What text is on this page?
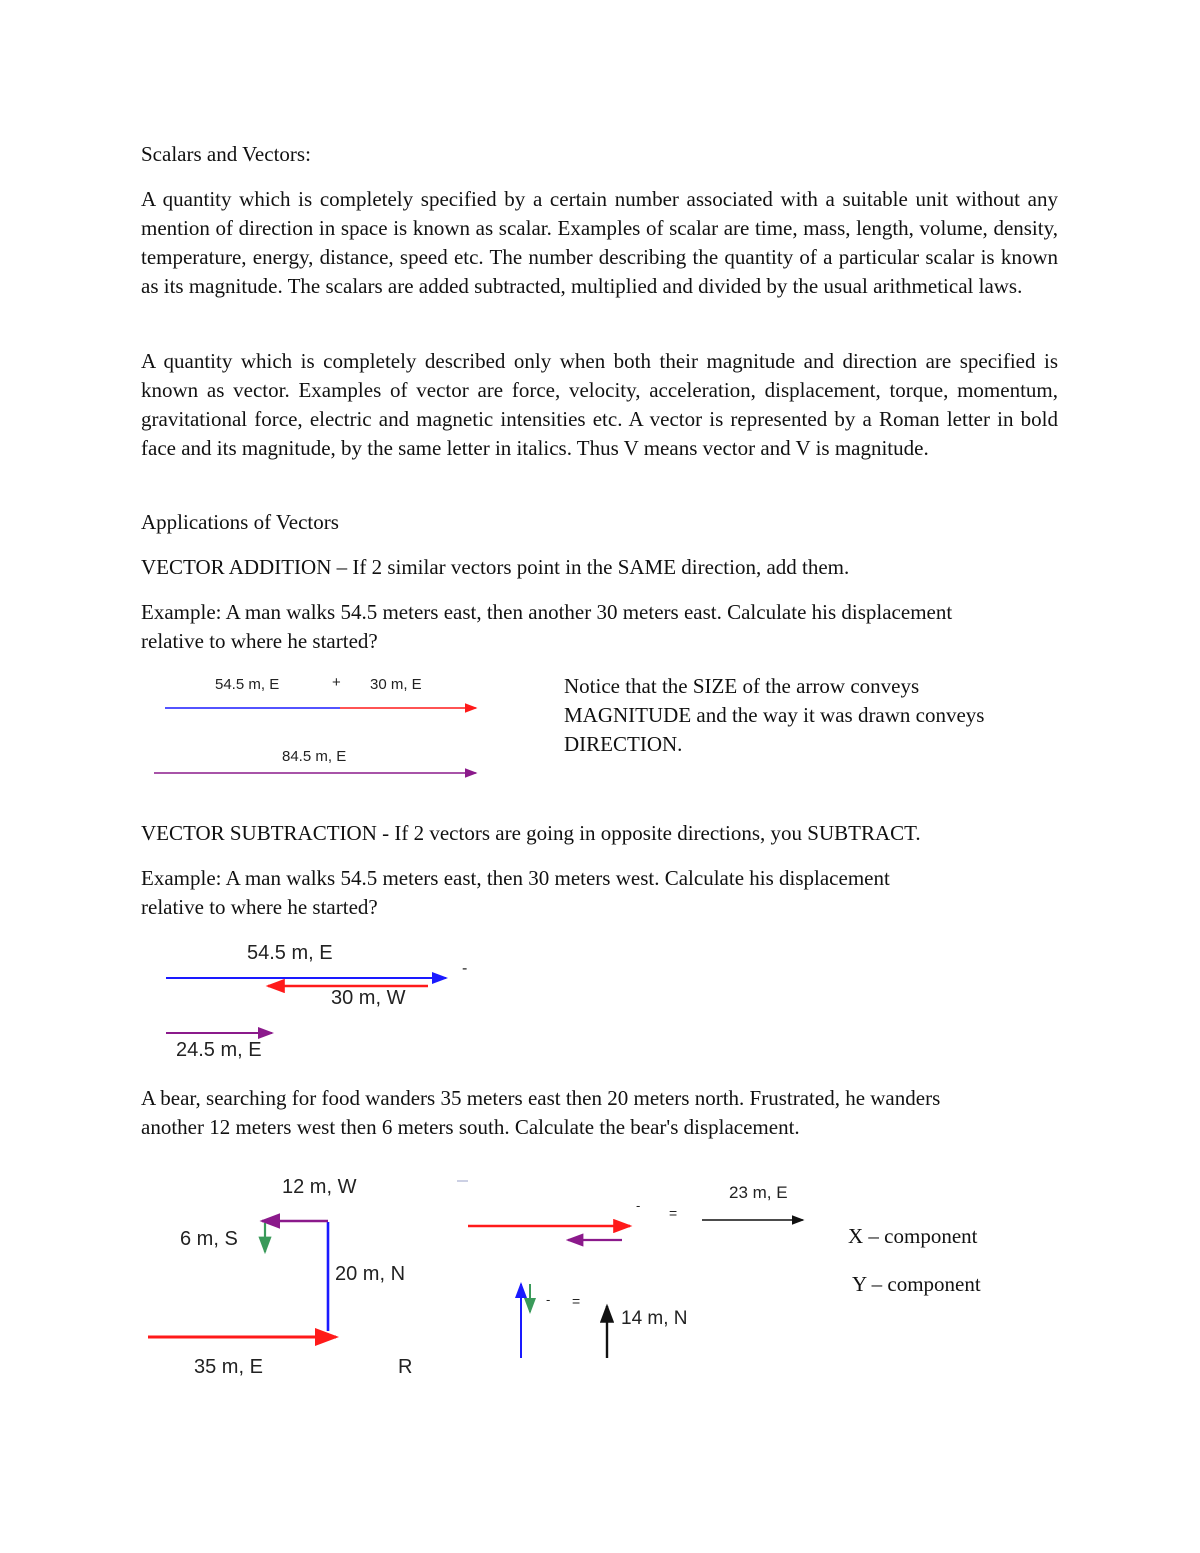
Scalars and Vectors:

A quantity which is completely specified by a certain number associated with a suitable unit without any mention of direction in space is known as scalar. Examples of scalar are time, mass, length, volume, density, temperature, energy, distance, speed etc. The number describing the quantity of a particular scalar is known as its magnitude. The scalars are added subtracted, multiplied and divided by the usual arithmetical laws.

A quantity which is completely described only when both their magnitude and direction are specified is known as vector. Examples of vector are force, velocity, acceleration, displacement, torque, momentum, gravitational force, electric and magnetic intensities etc. A vector is represented by a Roman letter in bold face and its magnitude, by the same letter in italics. Thus V means vector and V is magnitude.

Applications of Vectors

VECTOR ADDITION – If 2 similar vectors point in the SAME direction, add them.

Example: A man walks 54.5 meters east, then another 30 meters east. Calculate his displacement

relative to where he started?

54.5 m, E	+ 30 m, E
84.5 m, E

Notice that the SIZE of the arrow conveys

MAGNITUDE and the way it was drawn conveys

DIRECTION.

VECTOR SUBTRACTION - If 2 vectors are going in opposite directions, you SUBTRACT.

Example: A man walks 54.5 meters east, then 30 meters west. Calculate his displacement

relative to where he started?

54.5 m, E
-
30 m, W
24.5 m, E

A bear, searching for food wanders 35 meters east then 20 meters north. Frustrated, he wanders

another 12 meters west then 6 meters south. Calculate the bear's displacement.

12 m, W
6 m, S
20 m, N
35 m, E	R
- =
23 m, E
- =
14 m, N

X – component

Y – component
